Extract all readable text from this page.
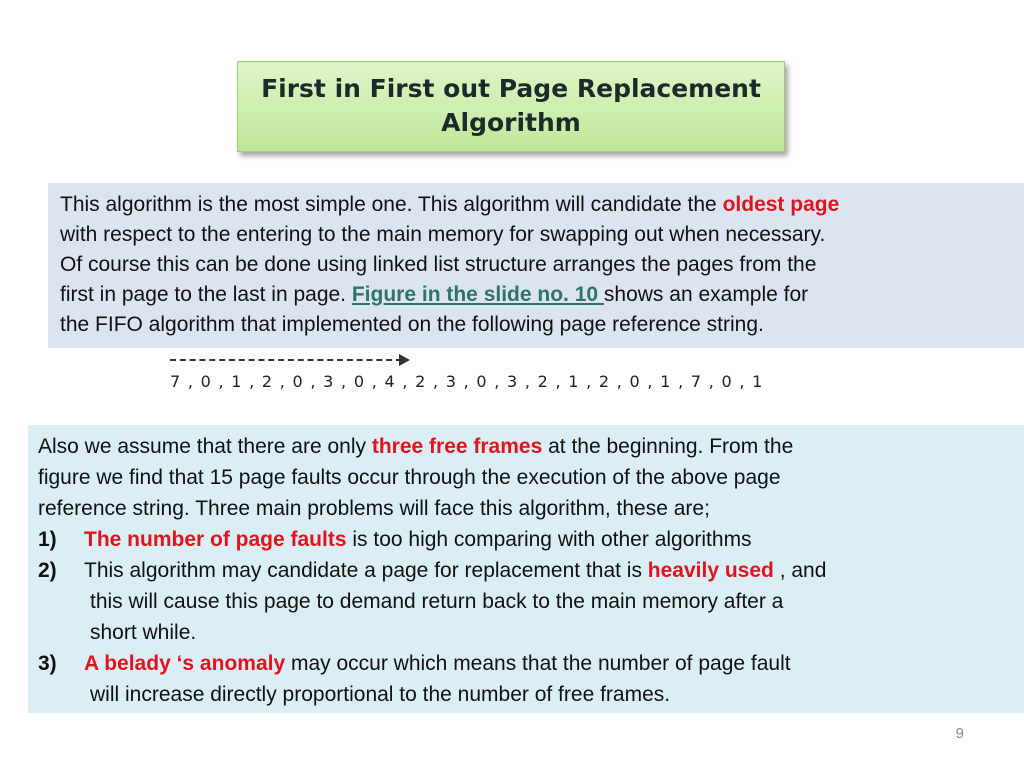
First in First out Page Replacement
Algorithm
This algorithm is the most simple one. This algorithm will candidate the oldest page
with respect to the entering to the main memory for swapping out when necessary.
Of course this can be done using linked list structure arranges the pages from the
first in page to the last in page. Figure in the slide no. 10 shows an example for
the FIFO algorithm that implemented on the following page reference string.
7 , 0 , 1 , 2 , 0 , 3 , 0 , 4 , 2 , 3 , 0 , 3 , 2 , 1 , 2 , 0 , 1 , 7 , 0 , 1
Also we assume that there are only three free frames at the beginning. From the
figure we find that 15 page faults occur through the execution of the above page
reference string. Three main problems will face this algorithm, these are;
1)	The number of page faults is too high comparing with other algorithms
2)	This algorithm may candidate a page for replacement that is heavily used , and
this will cause this page to demand return back to the main memory after a
short while.
3)	A belady ‘s anomaly may occur which means that the number of page fault
will increase directly proportional to the number of free frames.
9
